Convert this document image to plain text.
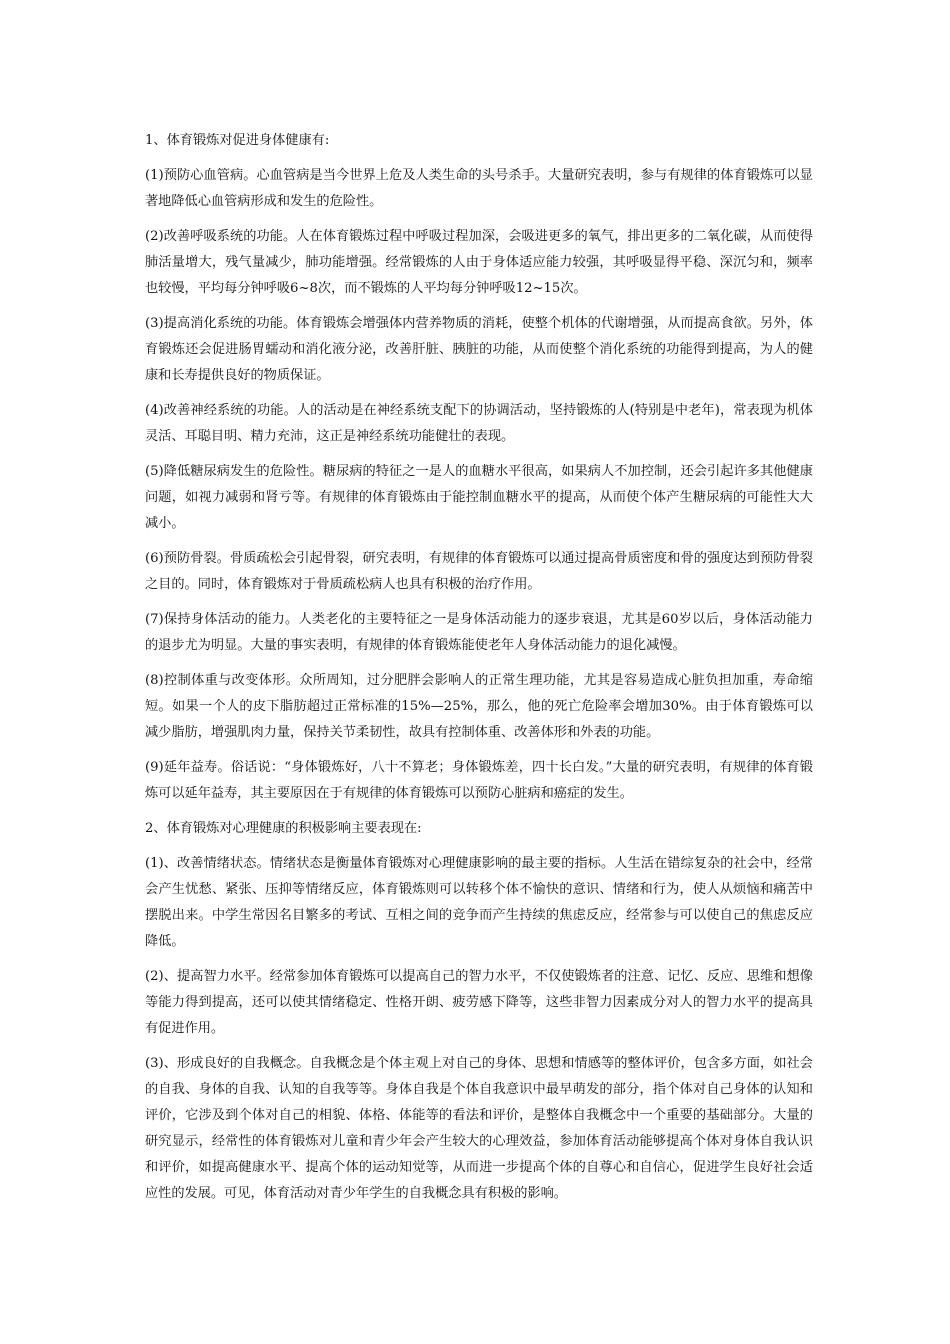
1、体育锻炼对促进身体健康有:

(1)预防心血管病。心血管病是当今世界上危及人类生命的头号杀手。大量研究表明，参与有规律的体育锻炼可以显著地降低心血管病形成和发生的危险性。

(2)改善呼吸系统的功能。人在体育锻炼过程中呼吸过程加深，会吸进更多的氧气，排出更多的二氧化碳，从而使得肺活量增大，残气量减少，肺功能增强。经常锻炼的人由于身体适应能力较强，其呼吸显得平稳、深沉匀和，频率也较慢，平均每分钟呼吸6~8次，而不锻炼的人平均每分钟呼吸12~15次。

(3)提高消化系统的功能。体育锻炼会增强体内营养物质的消耗，使整个机体的代谢增强，从而提高食欲。另外，体育锻炼还会促进肠胃蠕动和消化液分泌，改善肝脏、胰脏的功能，从而使整个消化系统的功能得到提高，为人的健康和长寿提供良好的物质保证。

(4)改善神经系统的功能。人的活动是在神经系统支配下的协调活动，坚持锻炼的人(特别是中老年)，常表现为机体灵活、耳聪目明、精力充沛，这正是神经系统功能健壮的表现。

(5)降低糖尿病发生的危险性。糖尿病的特征之一是人的血糖水平很高，如果病人不加控制，还会引起许多其他健康问题，如视力减弱和肾亏等。有规律的体育锻炼由于能控制血糖水平的提高，从而使个体产生糖尿病的可能性大大减小。

(6)预防骨裂。骨质疏松会引起骨裂，研究表明，有规律的体育锻炼可以通过提高骨质密度和骨的强度达到预防骨裂之目的。同时，体育锻炼对于骨质疏松病人也具有积极的治疗作用。

(7)保持身体活动的能力。人类老化的主要特征之一是身体活动能力的逐步衰退，尤其是60岁以后，身体活动能力的退步尤为明显。大量的事实表明，有规律的体育锻炼能使老年人身体活动能力的退化减慢。

(8)控制体重与改变体形。众所周知，过分肥胖会影响人的正常生理功能，尤其是容易造成心脏负担加重，寿命缩短。如果一个人的皮下脂肪超过正常标准的15%—25%，那么，他的死亡危险率会增加30%。由于体育锻炼可以减少脂肪，增强肌肉力量，保持关节柔韧性，故具有控制体重、改善体形和外表的功能。

(9)延年益寿。俗话说：“身体锻炼好，八十不算老；身体锻炼差，四十长白发。”大量的研究表明，有规律的体育锻炼可以延年益寿，其主要原因在于有规律的体育锻炼可以预防心脏病和癌症的发生。

2、体育锻炼对心理健康的积极影响主要表现在:

(1)、改善情绪状态。情绪状态是衡量体育锻炼对心理健康影响的最主要的指标。人生活在错综复杂的社会中，经常会产生忧愁、紧张、压抑等情绪反应，体育锻炼则可以转移个体不愉快的意识、情绪和行为，使人从烦恼和痛苦中摆脱出来。中学生常因名目繁多的考试、互相之间的竞争而产生持续的焦虑反应，经常参与可以使自己的焦虑反应降低。

(2)、提高智力水平。经常参加体育锻炼可以提高自己的智力水平，不仅使锻炼者的注意、记忆、反应、思维和想像等能力得到提高，还可以使其情绪稳定、性格开朗、疲劳感下降等，这些非智力因素成分对人的智力水平的提高具有促进作用。

(3)、形成良好的自我概念。自我概念是个体主观上对自己的身体、思想和情感等的整体评价，包含多方面，如社会的自我、身体的自我、认知的自我等等。身体自我是个体自我意识中最早萌发的部分，指个体对自己身体的认知和评价，它涉及到个体对自己的相貌、体格、体能等的看法和评价，是整体自我概念中一个重要的基础部分。大量的研究显示，经常性的体育锻炼对儿童和青少年会产生较大的心理效益，参加体育活动能够提高个体对身体自我认识和评价，如提高健康水平、提高个体的运动知觉等，从而进一步提高个体的自尊心和自信心，促进学生良好社会适应性的发展。可见，体育活动对青少年学生的自我概念具有积极的影响。
